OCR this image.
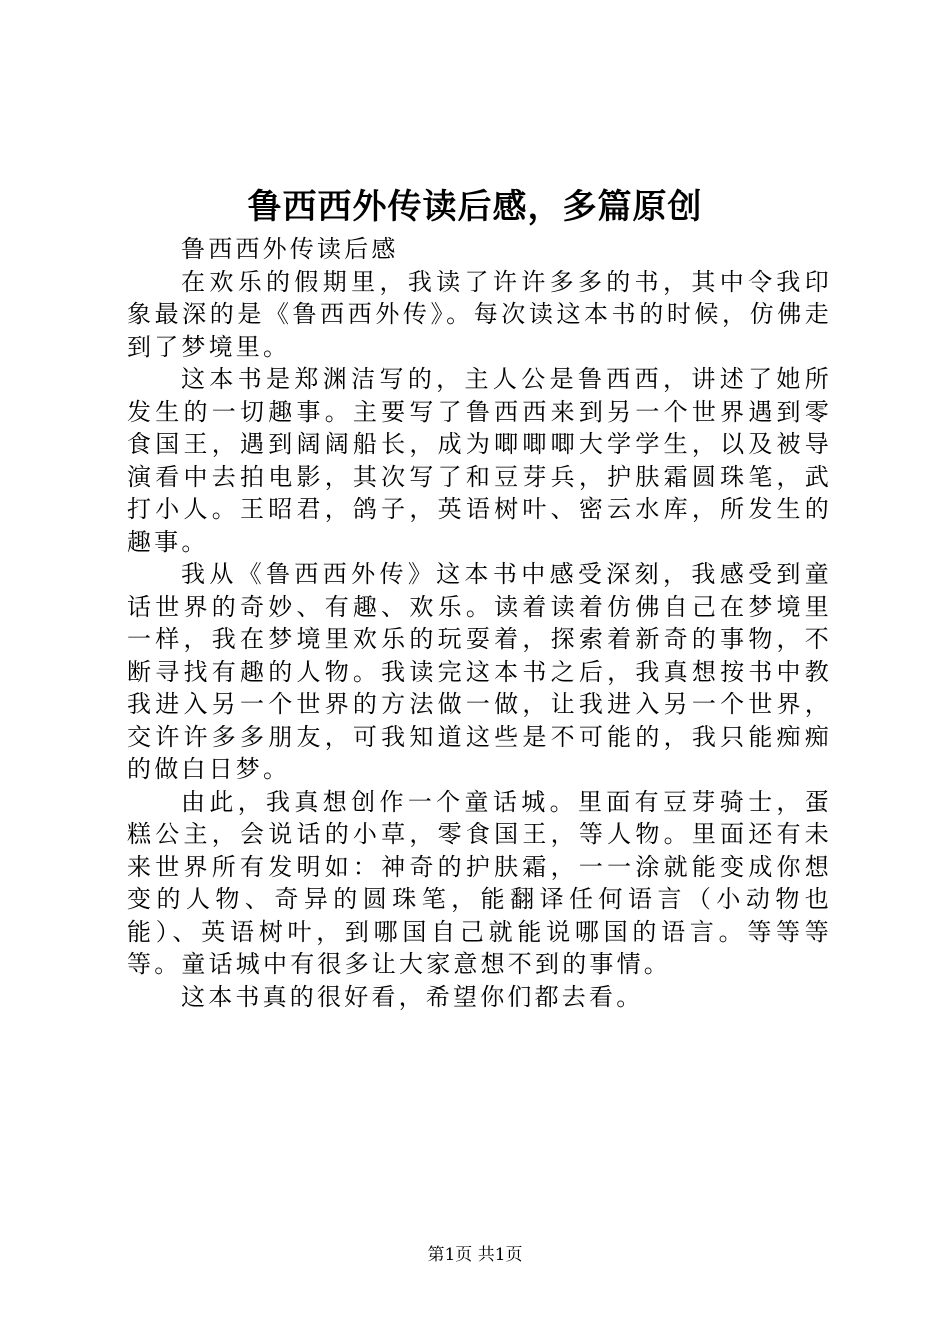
鲁西西外传读后感，多篇原创

鲁西西外传读后感

在欢乐的假期里，我读了许许多多的书，其中令我印象最深的是《鲁西西外传》。每次读这本书的时候，仿佛走到了梦境里。

这本书是郑渊洁写的，主人公是鲁西西，讲述了她所发生的一切趣事。主要写了鲁西西来到另一个世界遇到零食国王，遇到阔阔船长，成为唧唧唧大学学生，以及被导演看中去拍电影，其次写了和豆芽兵，护肤霜圆珠笔，武打小人。王昭君，鸽子，英语树叶、密云水库，所发生的趣事。

我从《鲁西西外传》这本书中感受深刻，我感受到童话世界的奇妙、有趣、欢乐。读着读着仿佛自己在梦境里一样，我在梦境里欢乐的玩耍着，探索着新奇的事物，不断寻找有趣的人物。我读完这本书之后，我真想按书中教我进入另一个世界的方法做一做，让我进入另一个世界，交许许多多朋友，可我知道这些是不可能的，我只能痴痴的做白日梦。

由此，我真想创作一个童话城。里面有豆芽骑士，蛋糕公主，会说话的小草，零食国王，等人物。里面还有未来世界所有发明如：神奇的护肤霜，一一涂就能变成你想变的人物、奇异的圆珠笔，能翻译任何语言（小动物也能）、英语树叶，到哪国自己就能说哪国的语言。等等等等。童话城中有很多让大家意想不到的事情。

这本书真的很好看，希望你们都去看。

第1页 共1页
